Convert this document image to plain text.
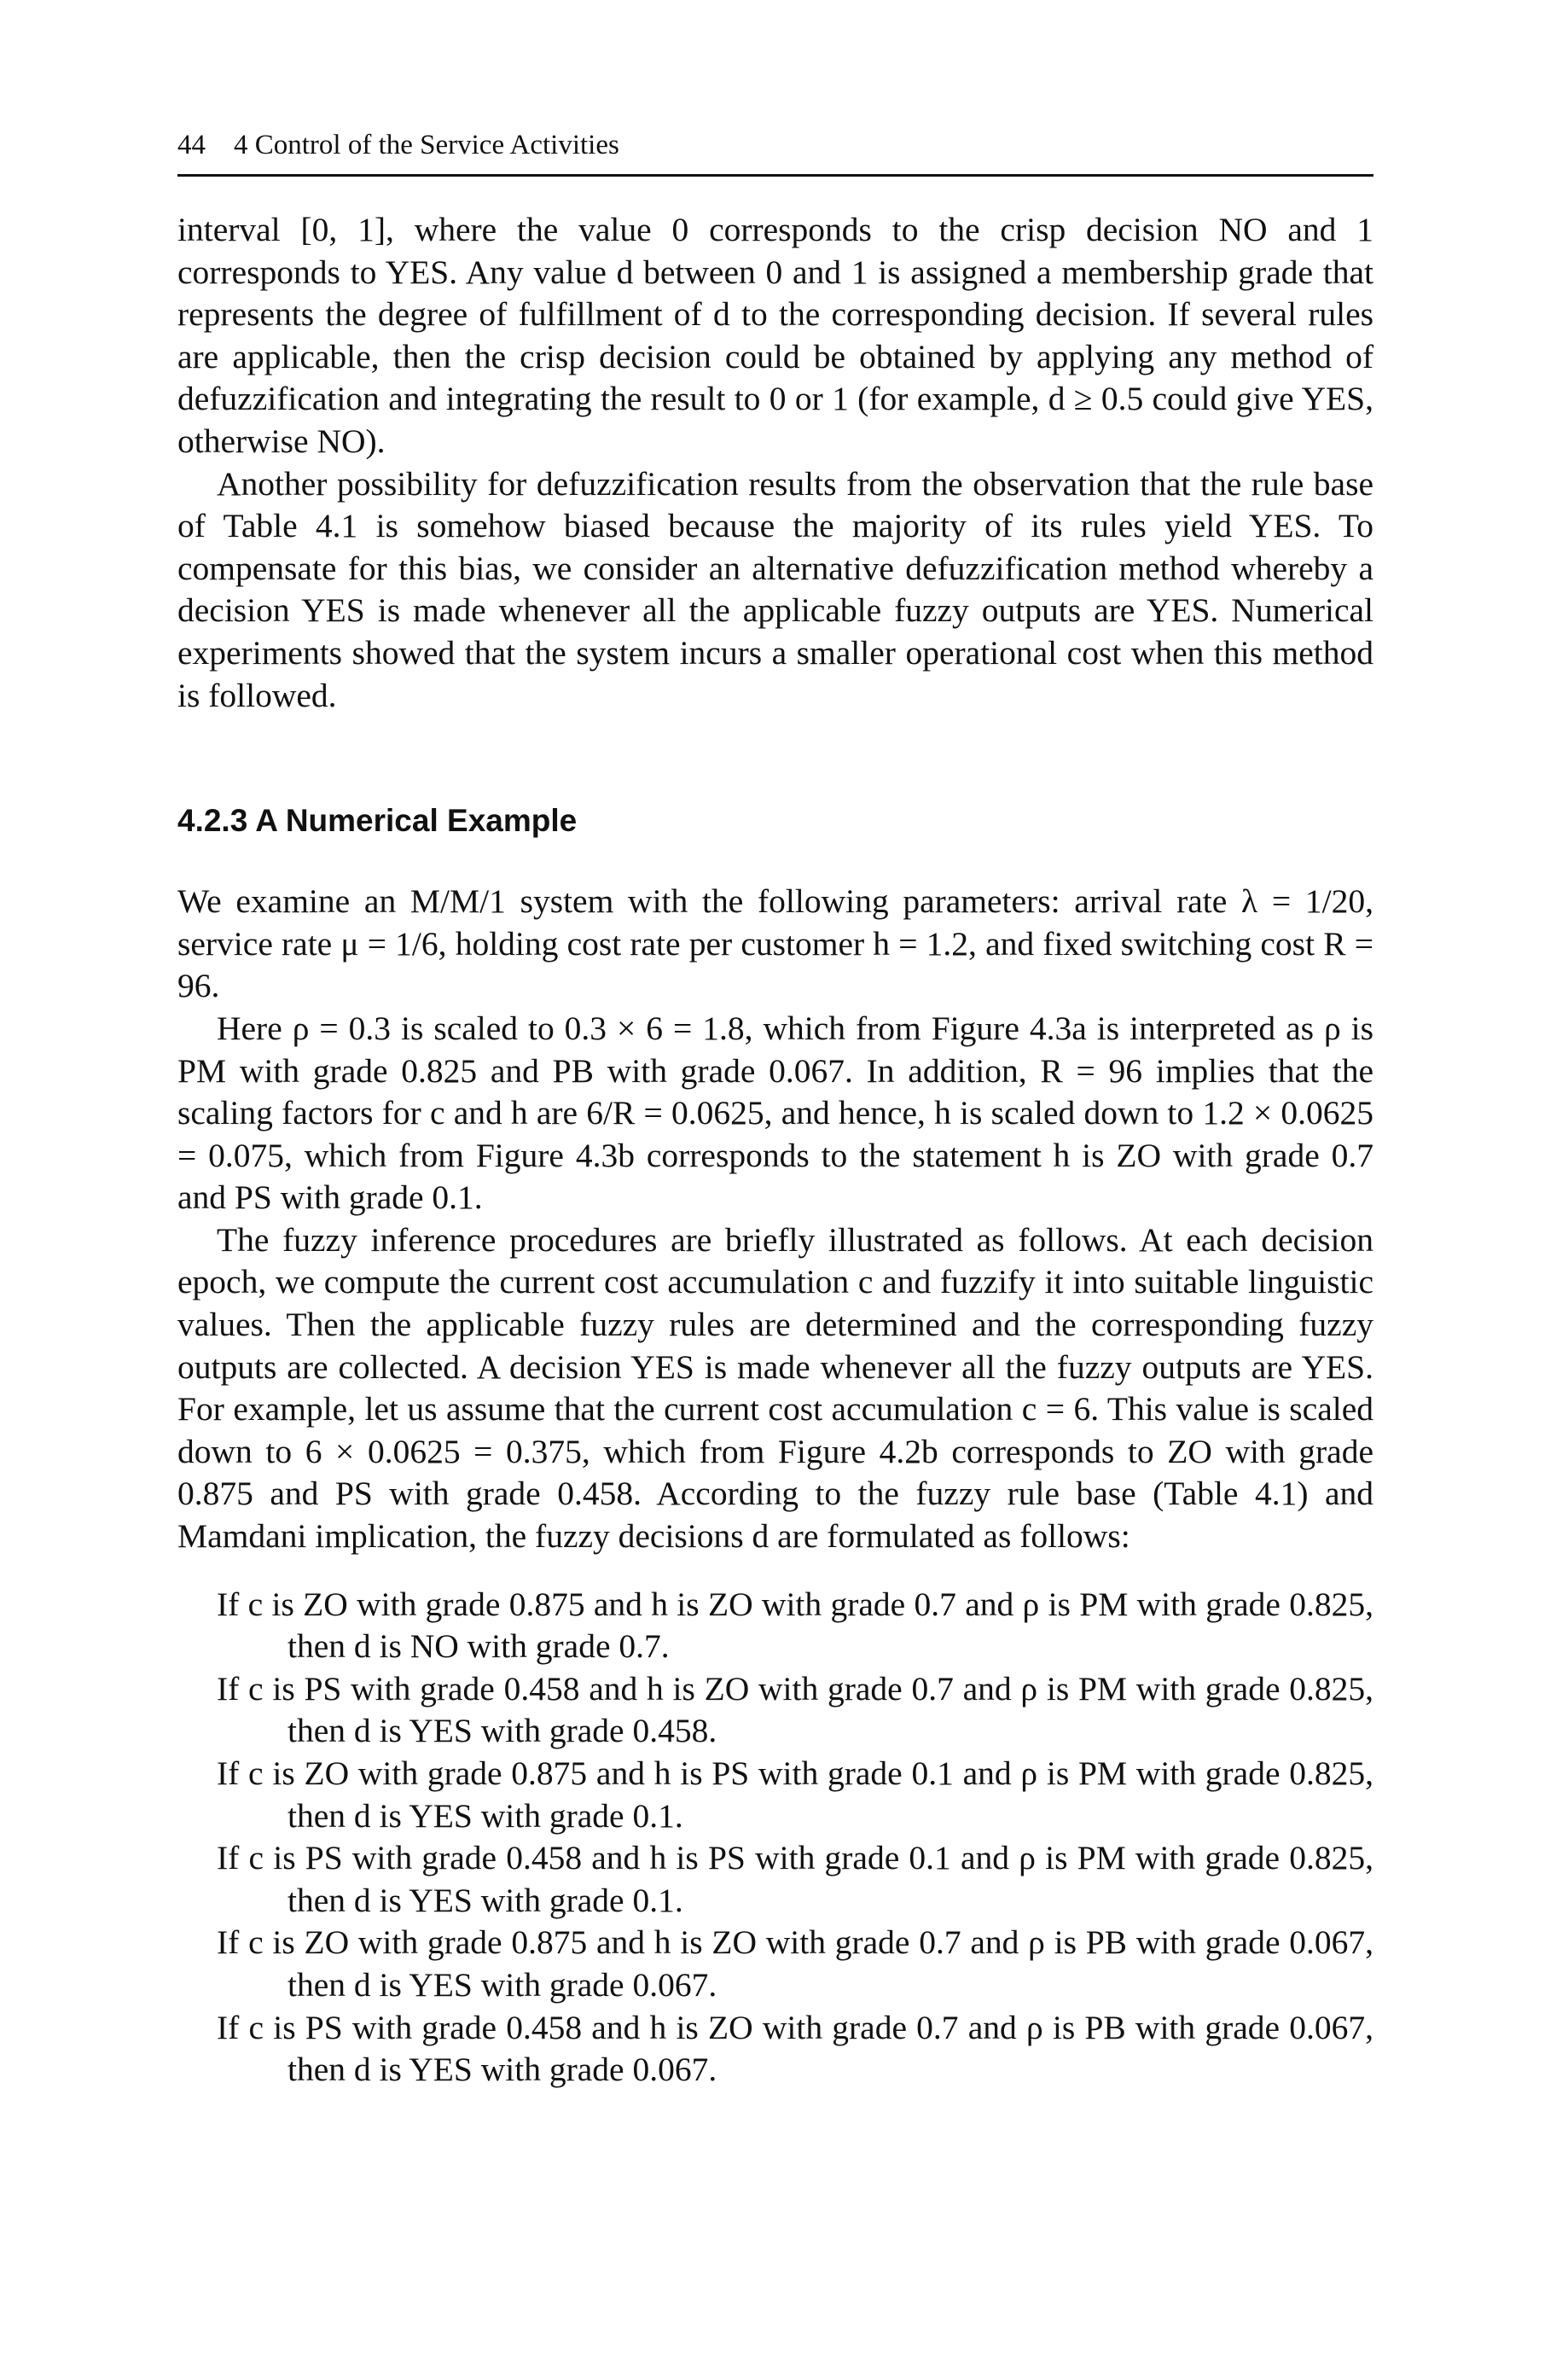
44 4 Control of the Service Activities

interval [0, 1], where the value 0 corresponds to the crisp decision NO and 1 corresponds to YES. Any value d between 0 and 1 is assigned a membership grade that represents the degree of fulfillment of d to the corresponding decision. If several rules are applicable, then the crisp decision could be obtained by applying any method of defuzzification and integrating the result to 0 or 1 (for example, d ≥ 0.5 could give YES, otherwise NO).

Another possibility for defuzzification results from the observation that the rule base of Table 4.1 is somehow biased because the majority of its rules yield YES. To compensate for this bias, we consider an alternative defuzzification method whereby a decision YES is made whenever all the applicable fuzzy outputs are YES. Numerical experiments showed that the system incurs a smaller operational cost when this method is followed.

4.2.3 A Numerical Example

We examine an M/M/1 system with the following parameters: arrival rate λ = 1/20, service rate μ = 1/6, holding cost rate per customer h = 1.2, and fixed switching cost R = 96.

Here ρ = 0.3 is scaled to 0.3 × 6 = 1.8, which from Figure 4.3a is interpreted as ρ is PM with grade 0.825 and PB with grade 0.067. In addition, R = 96 implies that the scaling factors for c and h are 6/R = 0.0625, and hence, h is scaled down to 1.2 × 0.0625 = 0.075, which from Figure 4.3b corresponds to the statement h is ZO with grade 0.7 and PS with grade 0.1.

The fuzzy inference procedures are briefly illustrated as follows. At each decision epoch, we compute the current cost accumulation c and fuzzify it into suitable linguistic values. Then the applicable fuzzy rules are determined and the corresponding fuzzy outputs are collected. A decision YES is made whenever all the fuzzy outputs are YES. For example, let us assume that the current cost accumulation c = 6. This value is scaled down to 6 × 0.0625 = 0.375, which from Figure 4.2b corresponds to ZO with grade 0.875 and PS with grade 0.458. According to the fuzzy rule base (Table 4.1) and Mamdani implication, the fuzzy decisions d are formulated as follows:

If c is ZO with grade 0.875 and h is ZO with grade 0.7 and ρ is PM with grade 0.825, then d is NO with grade 0.7.
If c is PS with grade 0.458 and h is ZO with grade 0.7 and ρ is PM with grade 0.825, then d is YES with grade 0.458.
If c is ZO with grade 0.875 and h is PS with grade 0.1 and ρ is PM with grade 0.825, then d is YES with grade 0.1.
If c is PS with grade 0.458 and h is PS with grade 0.1 and ρ is PM with grade 0.825, then d is YES with grade 0.1.
If c is ZO with grade 0.875 and h is ZO with grade 0.7 and ρ is PB with grade 0.067, then d is YES with grade 0.067.
If c is PS with grade 0.458 and h is ZO with grade 0.7 and ρ is PB with grade 0.067, then d is YES with grade 0.067.
